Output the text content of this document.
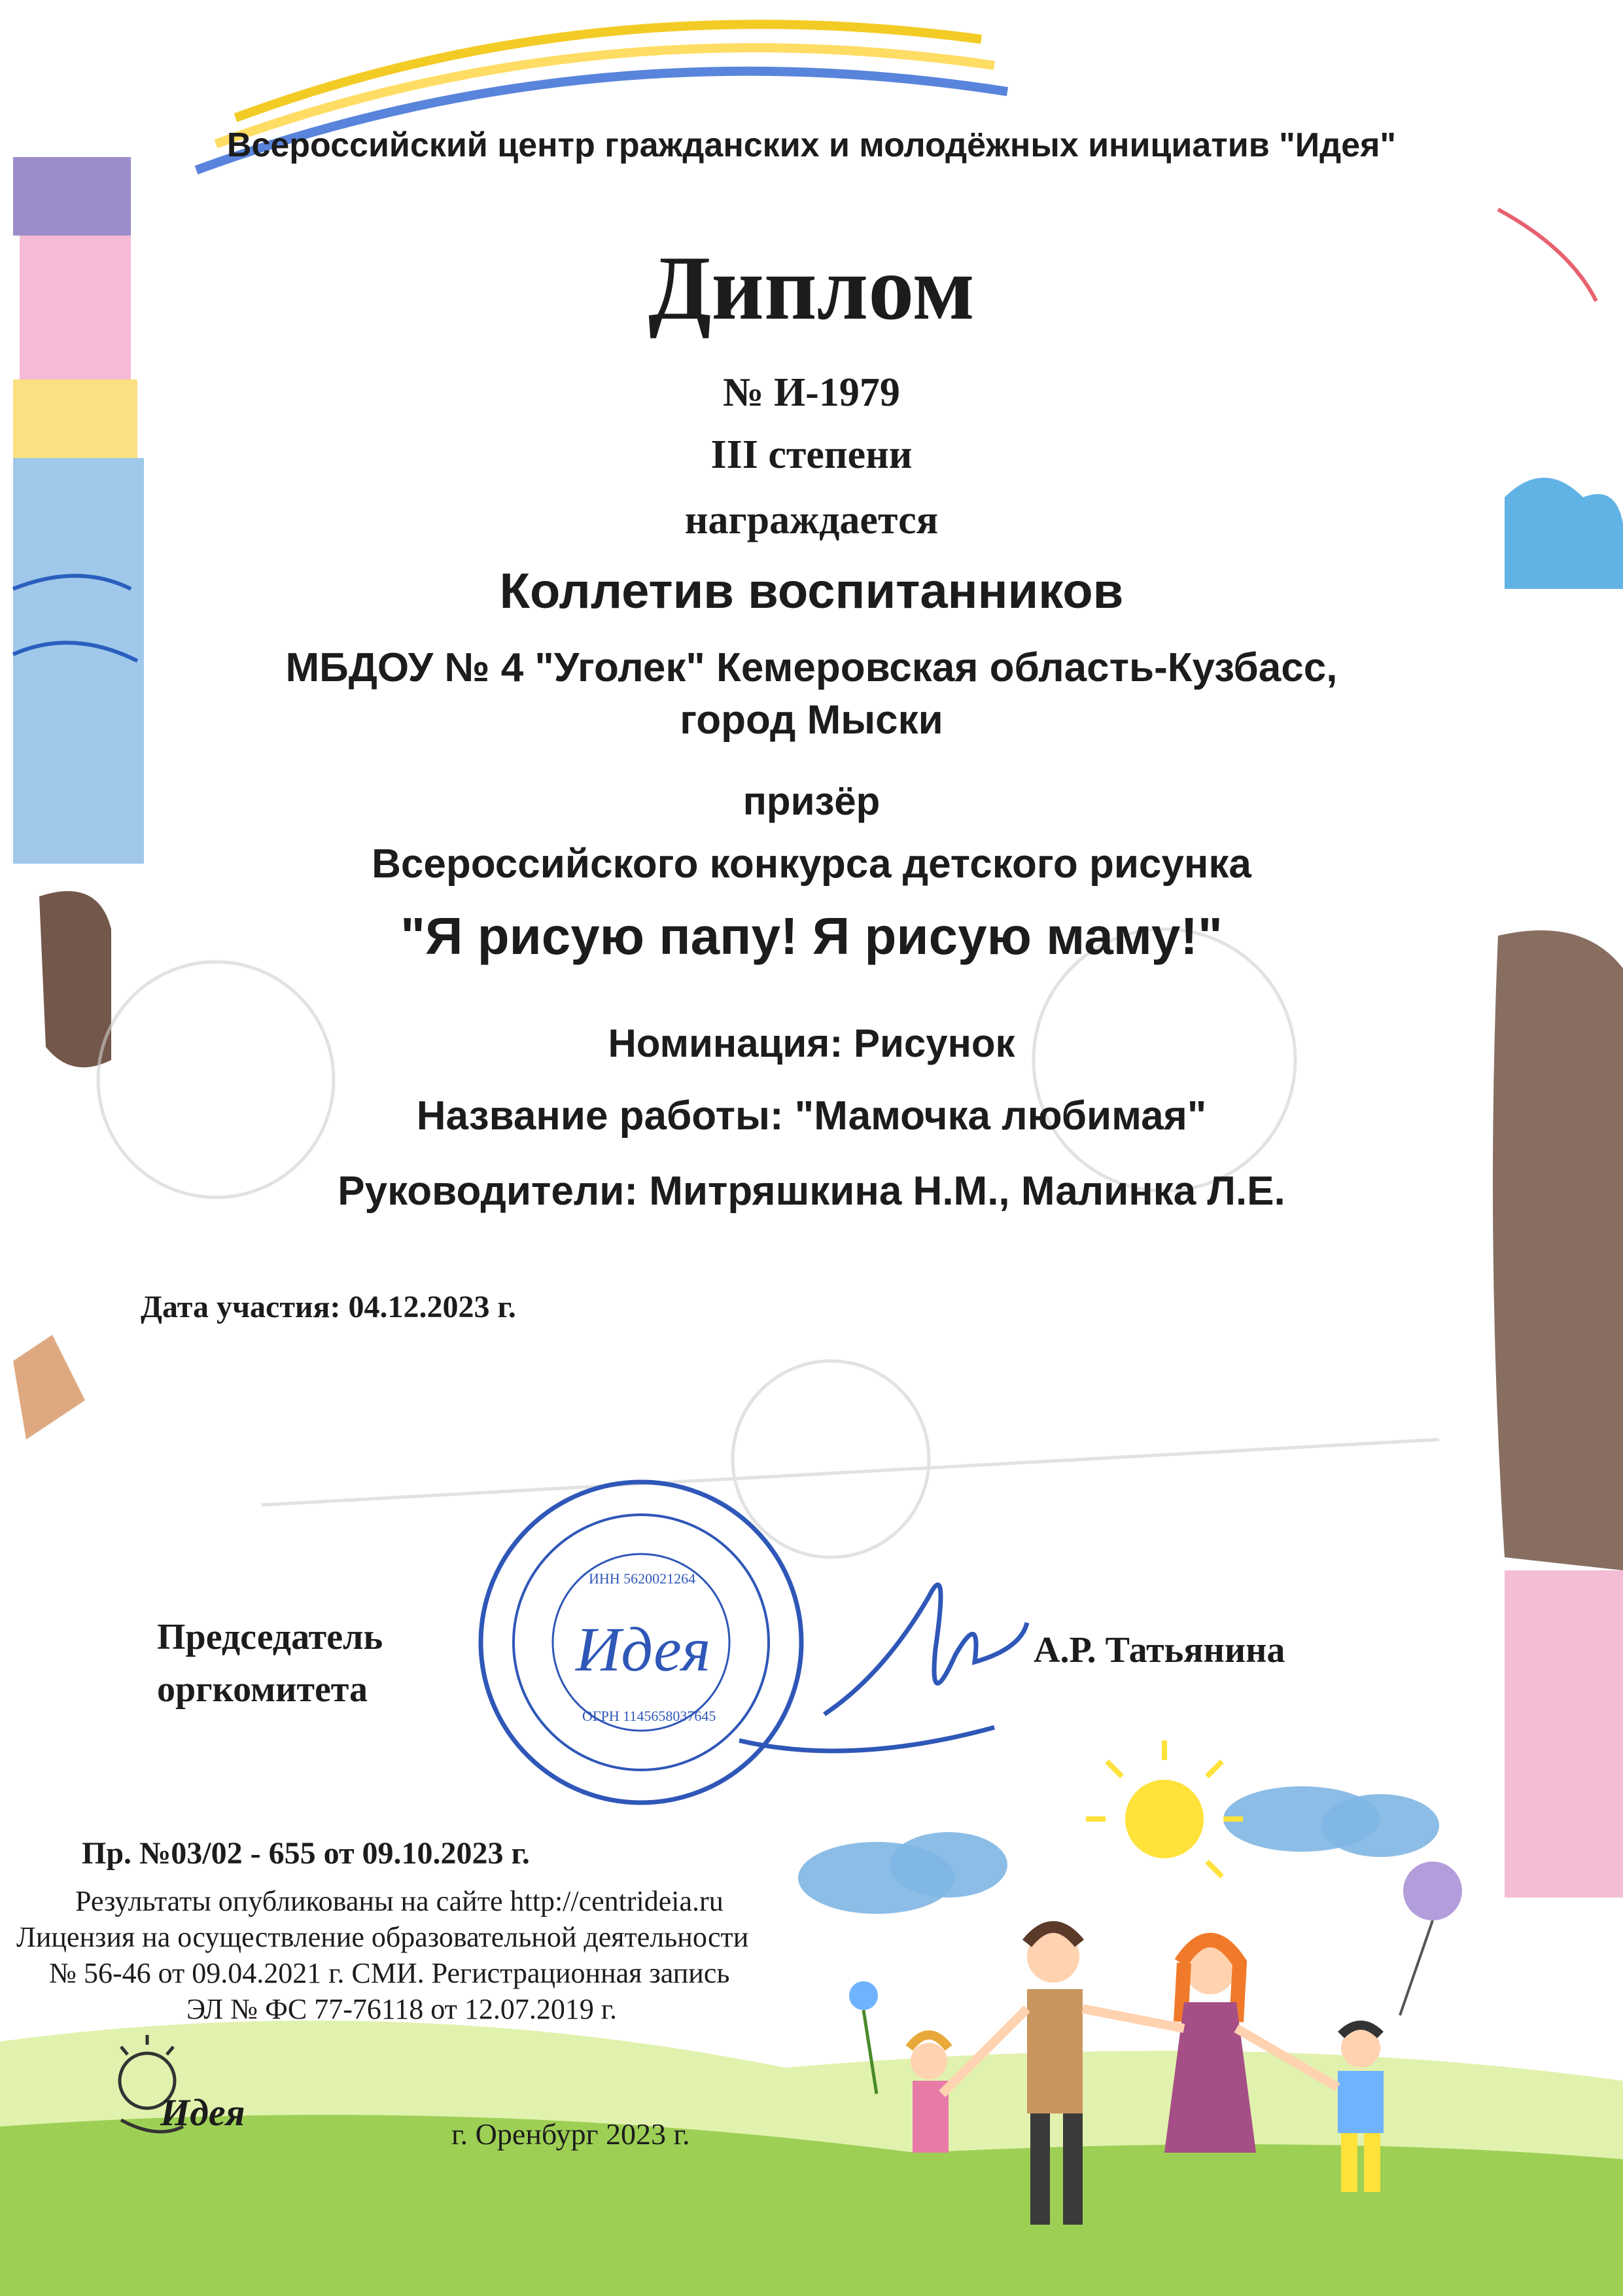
Всероссийский центр гражданских и молодёжных инициатив "Идея"
Диплом
№ И-1979
III степени
награждается
Коллетив воспитанников
МБДОУ № 4 "Уголек" Кемеровская область-Кузбасс,
город Мыски
призёр
Всероссийского конкурса детского рисунка
"Я рисую папу! Я рисую маму!"
Номинация: Рисунок
Название работы: "Мамочка любимая"
Руководители: Митряшкина Н.М., Малинка Л.Е.
Дата участия: 04.12.2023 г.
Председатель
оргкомитета
А.Р. Татьянина
Идея
ИНН 5620021264
ОГРН 1145658037645
Пр. №03/02 - 655 от 09.10.2023 г.
Результаты опубликованы на сайте http://centrideia.ru
Лицензия на осуществление образовательной деятельности
№ 56-46 от 09.04.2021 г. СМИ. Регистрационная запись
ЭЛ № ФС 77-76118 от 12.07.2019 г.
Идея
г. Оренбург 2023 г.
